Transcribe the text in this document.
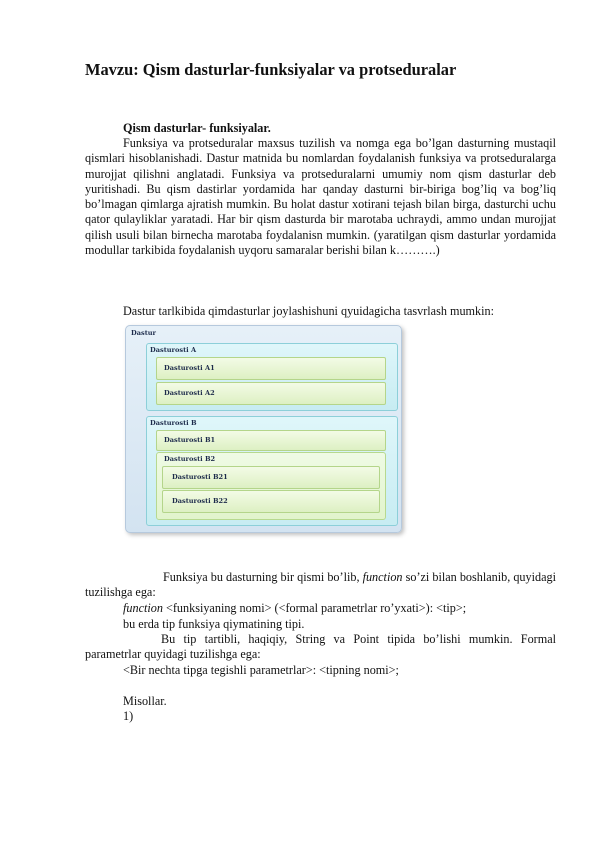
Mavzu: Qism dasturlar-funksiyalar va protseduralar
Qism dasturlar- funksiyalar.
Funksiya va protseduralar maxsus tuzilish va nomga ega bo’lgan dasturning mustaqil qismlari hisoblanishadi. Dastur matnida bu nomlardan foydalanish funksiya va protseduralarga murojjat qilishni anglatadi. Funksiya va protseduralarni umumiy nom qism dasturlar deb yuritishadi. Bu qism dastirlar yordamida har qanday dasturni bir-biriga bog’liq va bog’liq bo’lmagan qimlarga ajratish mumkin. Bu holat dastur xotirani tejash bilan birga, dasturchi uchu qator qulayliklar yaratadi. Har bir qism dasturda bir marotaba uchraydi, ammo undan murojjat qilish usuli bilan birnecha marotaba foydalanisn mumkin. (yaratilgan qism dasturlar yordamida modullar tarkibida foydalanish uyqoru samaralar berishi bilan k……….)
Dastur tarlkibida qimdasturlar joylashishuni qyuidagicha tasvrlash mumkin:
Dastur
Dasturosti A
Dasturosti A1
Dasturosti A2
Dasturosti B
Dasturosti B1
Dasturosti B2
Dasturosti B21
Dasturosti B22
Funksiya bu dasturning bir qismi bo’lib, function so’zi bilan boshlanib, quyidagi tuzilishga ega:
function <funksiyaning nomi> (<formal parametrlar ro’yxati>): <tip>;
bu erda tip funksiya qiymatining tipi.
Bu tip tartibli, haqiqiy, String va Point tipida bo’lishi mumkin. Formal parametrlar quyidagi tuzilishga ega:
<Bir nechta tipga tegishli parametrlar>: <tipning nomi>;
Misollar.
1)
